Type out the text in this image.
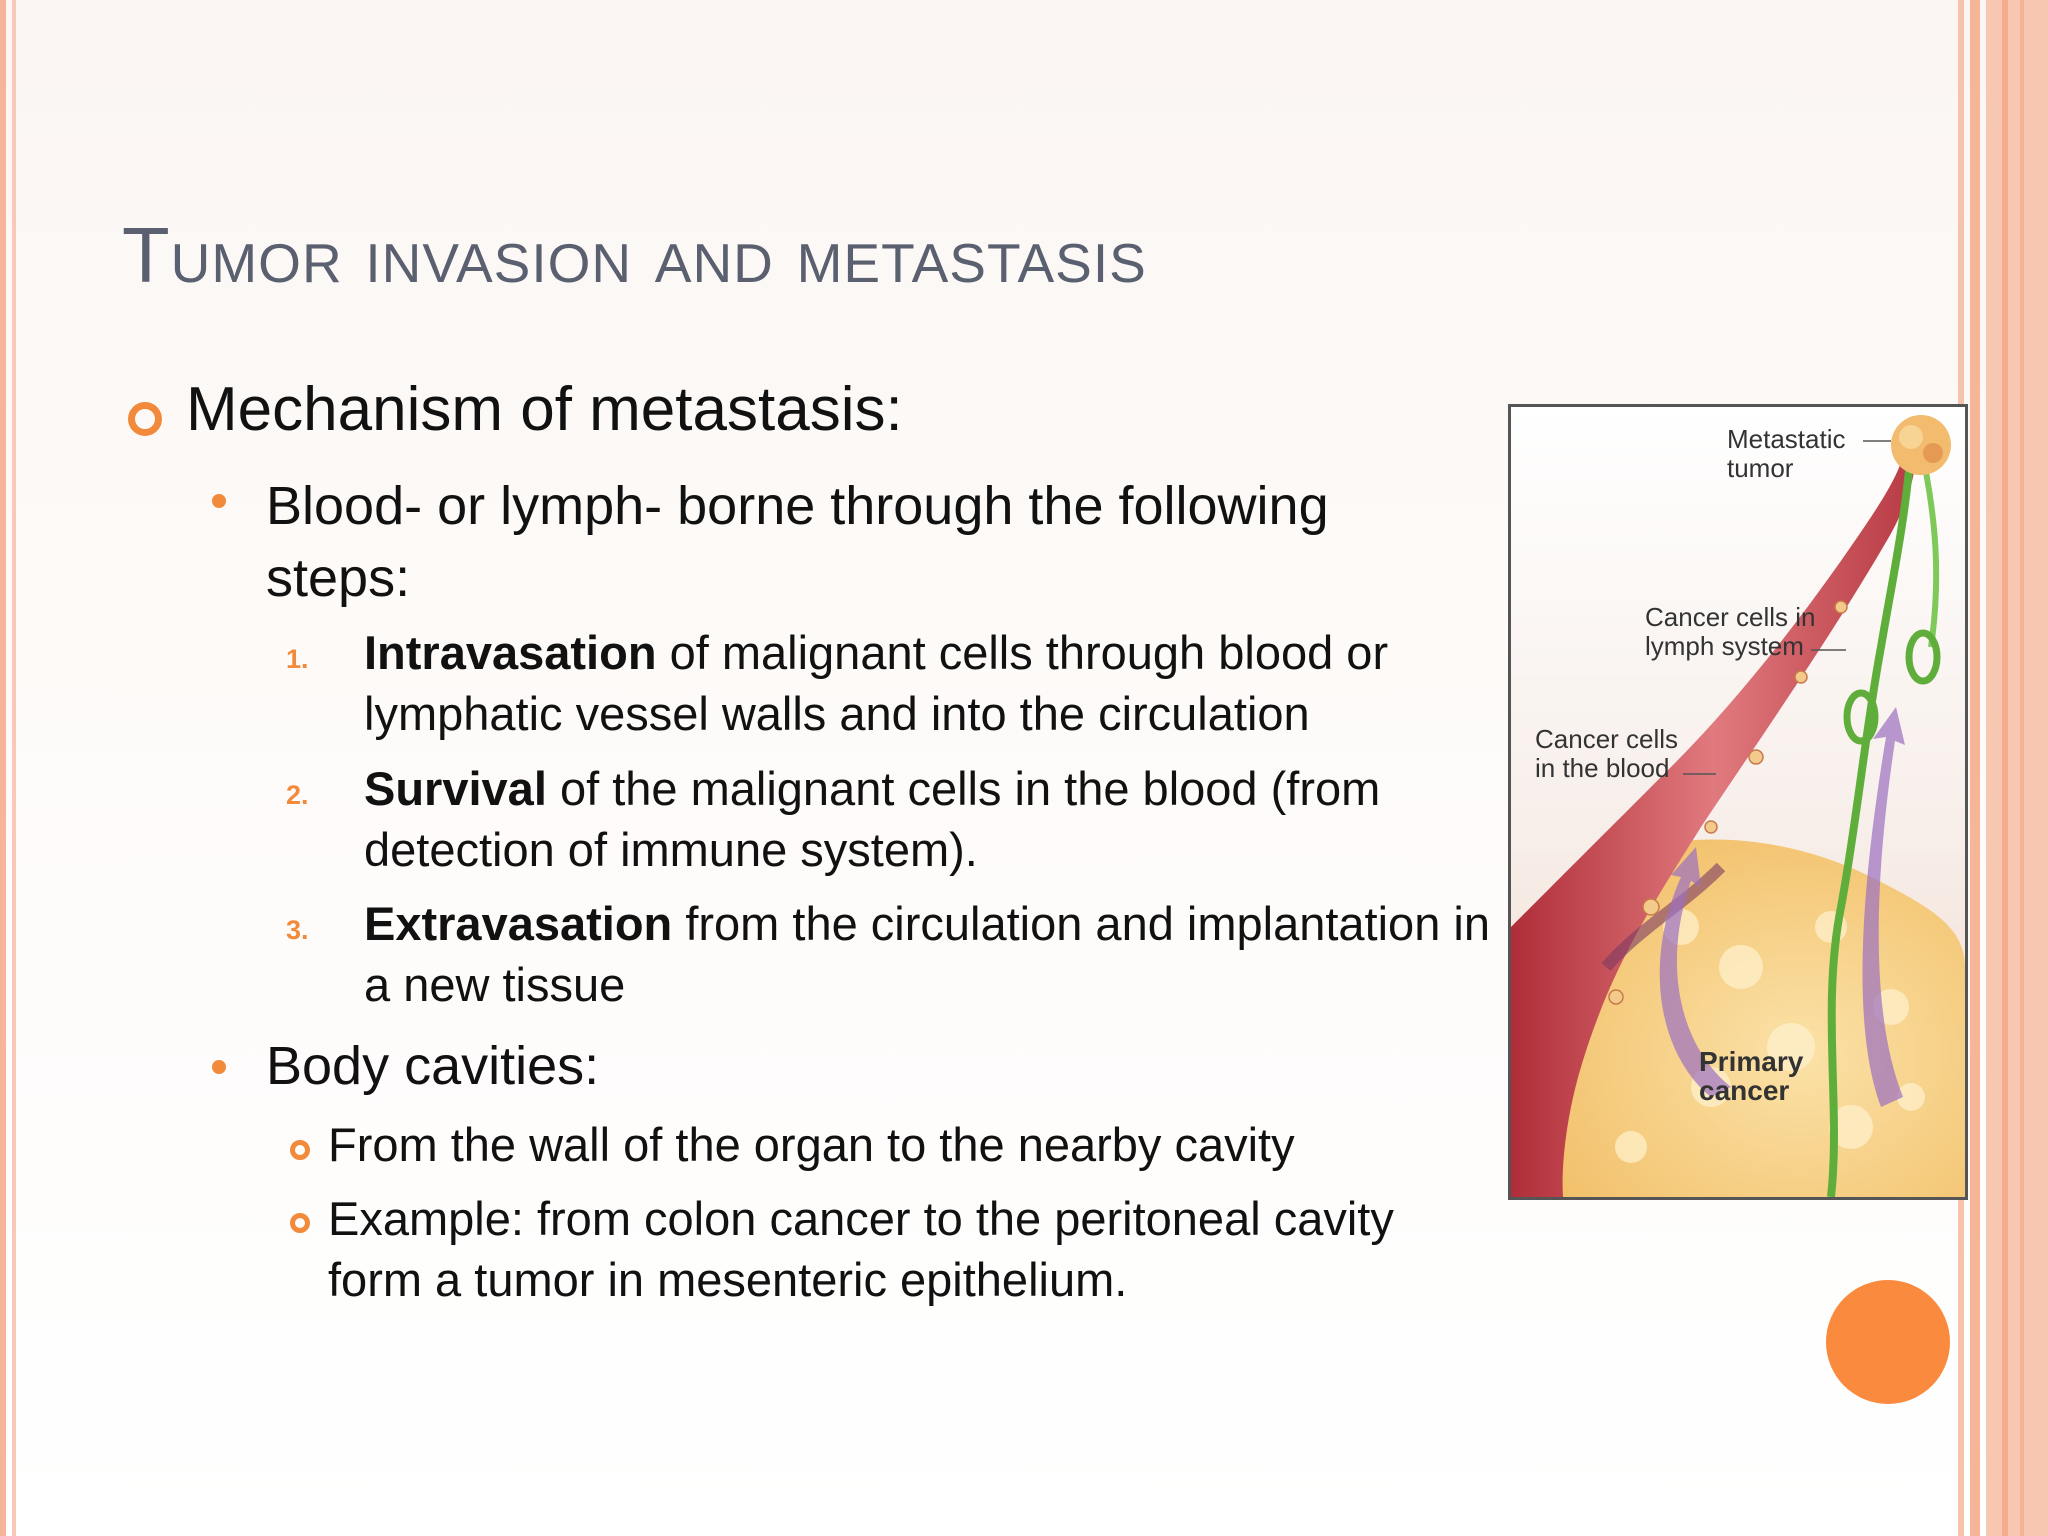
Tumor invasion and metastasis
Mechanism of metastasis:
Blood- or lymph- borne through the following steps:
1. Intravasation of malignant cells through blood or lymphatic vessel walls and into the circulation
2. Survival of the malignant cells in the blood (from detection of immune system).
3. Extravasation from the circulation and implantation in a new tissue
Body cavities:
From the wall of the organ to the nearby cavity
Example: from colon cancer to the peritoneal cavity form a tumor in mesenteric epithelium.
Metastatic
tumor
Cancer cells in
lymph system
Cancer cells
in the blood
Primary
cancer
